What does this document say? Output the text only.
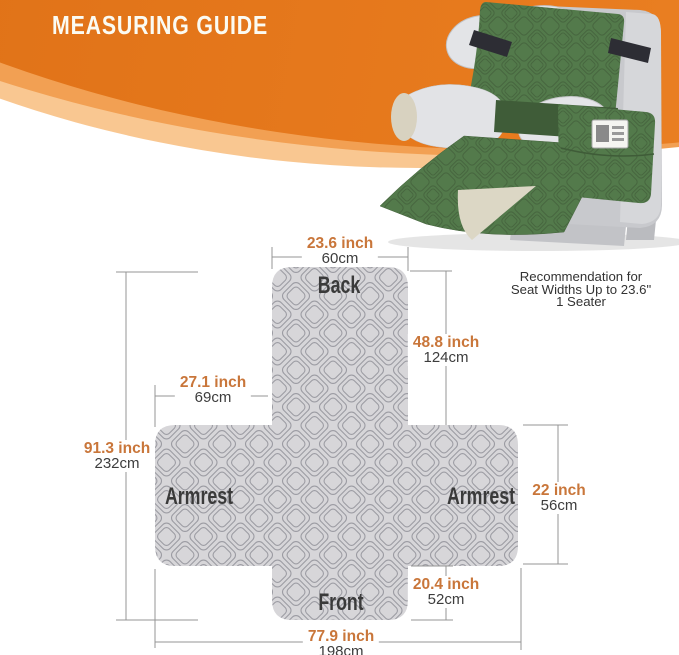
MEASURING GUIDE
Recommendation for
Seat Widths Up to 23.6"
1 Seater
Back
Armrest	Armrest
Front
23.6 inch
60cm
48.8 inch
124cm
27.1 inch
69cm
91.3 inch
232cm
22 inch
56cm
20.4 inch
52cm
77.9 inch
198cm
